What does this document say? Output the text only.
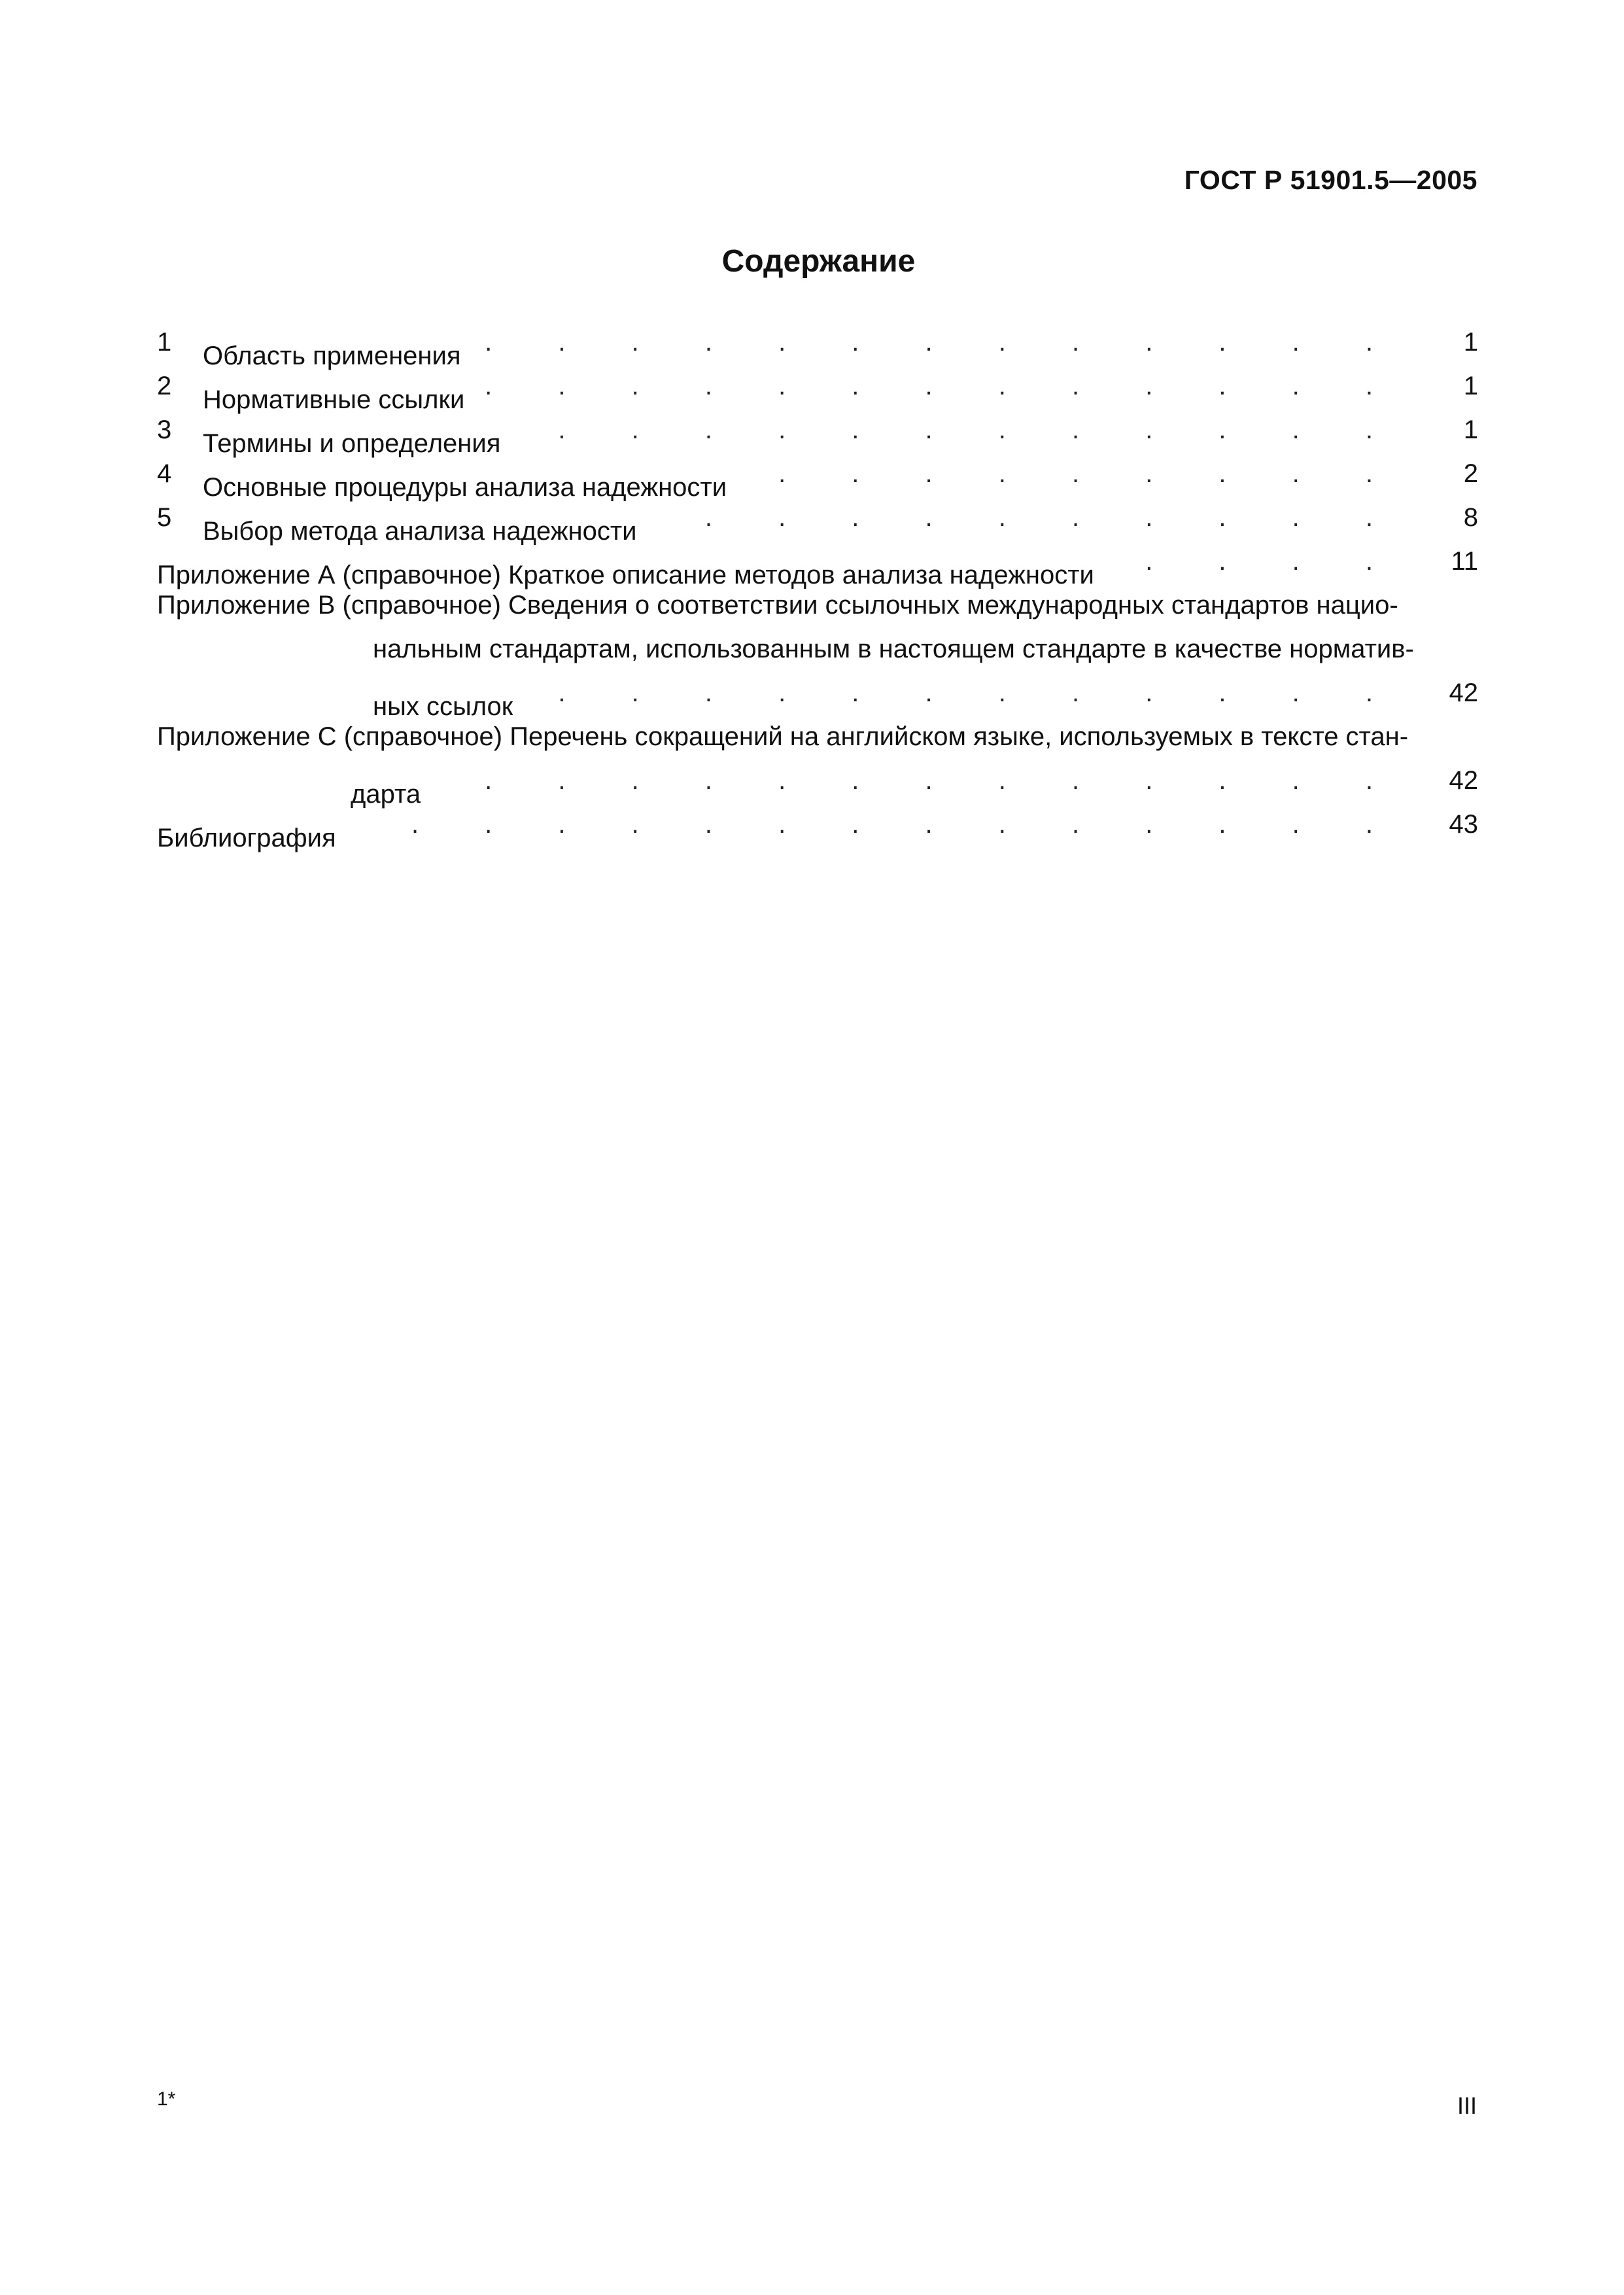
ГОСТ Р 51901.5—2005
Содержание
1 Область применения . . .	1
2 Нормативные ссылки . . .	1
3 Термины и определения . . .	1
4 Основные процедуры анализа надежности . . .	2
5 Выбор метода анализа надежности . . .	8
Приложение А (справочное) Краткое описание методов анализа надежности . . .	11
Приложение В (справочное) Сведения о соответствии ссылочных международных стандартов нацио-
нальным стандартам, использованным в настоящем стандарте в качестве норматив-
ных ссылок . . .	42
Приложение С (справочное) Перечень сокращений на английском языке, используемых в тексте стан-
дарта . . .	42
Библиография . . .	43
1*	III
